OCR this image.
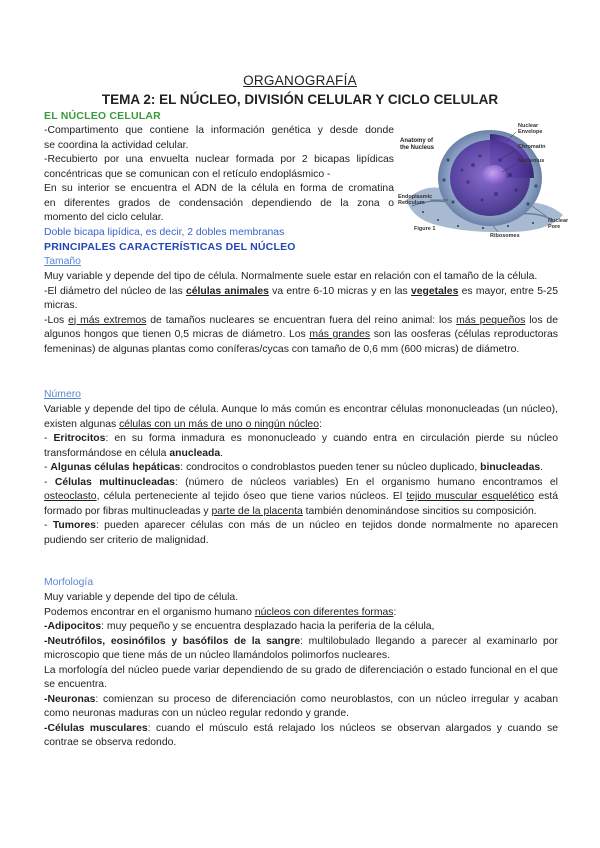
ORGANOGRAFÍA
TEMA 2: EL NÚCLEO, DIVISIÓN CELULAR Y CICLO CELULAR
EL NÚCLEO CELULAR

-Compartimento que contiene la información genética y desde donde

se coordina la actividad celular.

-Recubierto por una envuelta nuclear formada por 2 bicapas lipídicas

concéntricas que se comunican con el retículo endoplásmico -

En su interior se encuentra el ADN de la célula en forma de cromatina

en diferentes grados de condensación dependiendo de la zona o

momento del ciclo celular.

Doble bicapa lipídica, es decir, 2 dobles membranas
Nuclear Envelope
Chromatin
Nucleolus
Anatomy of the Nucleus
Endoplasmic Reticulum
Nuclear Pore
Ribosomes
Figure 1
PRINCIPALES CARACTERÍSTICAS DEL NÚCLEO
Tamaño

Muy variable y depende del tipo de célula. Normalmente suele estar en relación con el tamaño de la célula.

-El diámetro del núcleo de las células animales va entre 6-10 micras y en las vegetales es mayor, entre 5-25 micras.

-Los ej más extremos de tamaños nucleares se encuentran fuera del reino animal: los más pequeños los de algunos hongos que tienen 0,5 micras de diámetro. Los más grandes son las oosferas (células reproductoras femeninas) de algunas plantas como coníferas/cycas con tamaño de 0,6 mm (600 micras) de diámetro.

Número

Variable y depende del tipo de célula. Aunque lo más común es encontrar células mononucleadas (un núcleo), existen algunas células con un más de uno o ningún núcleo:

- Eritrocitos: en su forma inmadura es mononucleado y cuando entra en circulación pierde su núcleo transformándose en célula anucleada.

- Algunas células hepáticas: condrocitos o condroblastos pueden tener su núcleo duplicado, binucleadas.

- Células multinucleadas: (número de núcleos variables) En el organismo humano encontramos el osteoclasto, célula perteneciente al tejido óseo que tiene varios núcleos. El tejido muscular esquelético está formado por fibras multinucleadas y parte de la placenta también denominándose sincitios su composición.

- Tumores: pueden aparecer células con más de un núcleo en tejidos donde normalmente no aparecen pudiendo ser criterio de malignidad.

Morfología

Muy variable y depende del tipo de célula.

Podemos encontrar en el organismo humano núcleos con diferentes formas:

-Adipocitos: muy pequeño y se encuentra desplazado hacia la periferia de la célula,

-Neutrófilos, eosinófilos y basófilos de la sangre: multilobulado llegando a parecer al examinarlo por microscopio que tiene más de un núcleo llamándolos polimorfos nucleares.

La morfología del núcleo puede variar dependiendo de su grado de diferenciación o estado funcional en el que se encuentra.

-Neuronas: comienzan su proceso de diferenciación como neuroblastos, con un núcleo irregular y acaban como neuronas maduras con un núcleo regular redondo y grande.

-Células musculares: cuando el músculo está relajado los núcleos se observan alargados y cuando se contrae se observa redondo.
